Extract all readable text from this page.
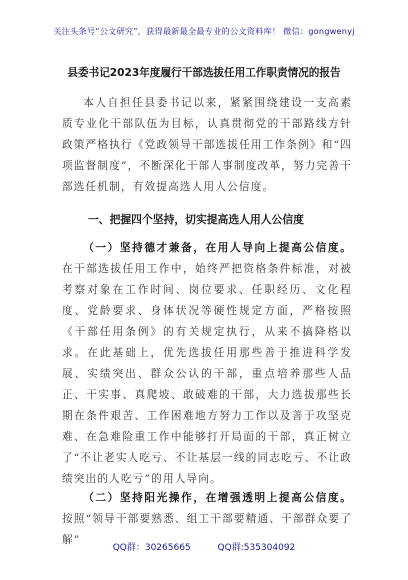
关注头条号“公文研究”，获得最新最全最专业的公文资料库！ 微信：gongwenyj
县委书记2023年度履行干部选拔任用工作职责情况的报告

本人自担任县委书记以来，紧紧围绕建设一支高素质专业化干部队伍为目标，认真贯彻党的干部路线方针政策严格执行《党政领导干部选拔任用工作条例》和“四项监督制度”，不断深化干部人事制度改革，努力完善干部选任机制，有效提高选人用人公信度。

一、把握四个坚持，切实提高选人用人公信度

（一）坚持德才兼备，在用人导向上提高公信度。在干部选拔任用工作中，始终严把资格条件标准，对被考察对象在工作时间、岗位要求、任职经历、文化程度、党龄要求、身体状况等硬性规定方面，严格按照《干部任用条例》的有关规定执行，从来不搞降格以求。在此基础上，优先选拔任用那些善于推进科学发展、实绩突出、群众公认的干部，重点培养那些人品正、干实事、真爬坡、敢破难的干部，大力选拔那些长期在条件艰苦、工作困难地方努力工作以及善于攻坚克难、在急难险重工作中能够打开局面的干部，真正树立了“不让老实人吃亏、不让基层一线的同志吃亏、不让政绩突出的人吃亏”的用人导向。

（二）坚持阳光操作，在增强透明上提高公信度。按照“领导干部要熟悉、组工干部要精通、干部群众要了解”

QQ群：30265665	QQ群:535304092
